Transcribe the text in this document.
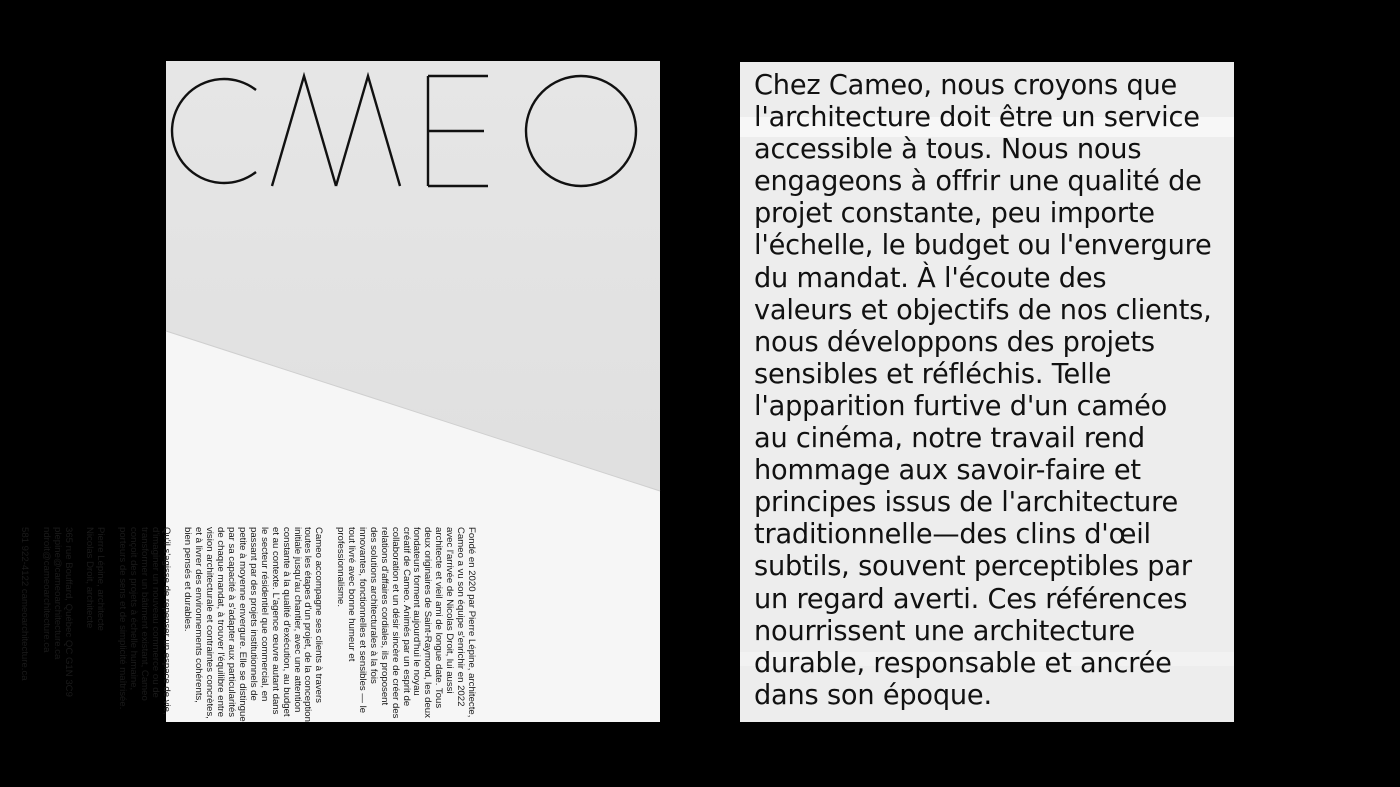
Fondé en 2020 par Pierre Lépine, architecte, Cameo a vu son équipe s'enrichir en 2022 avec l'arrivée de Nicolas Droit, lui aussi architecte et vieil ami de longue date. Tous deux originaires de Saint-Raymond, les deux fondateurs forment aujourd'hui le noyau créatif de Cameo. Animés par un esprit de collaboration et un désir sincère de créer des relations d'affaires cordiales, ils proposent des solutions architecturales à la fois innovantes, fonctionnelles et sensibles — le tout livré avec bonne humeur et professionnalisme.

Cameo accompagne ses clients à travers toutes les étapes d'un projet, de la conception initiale jusqu'au chantier, avec une attention constante à la qualité d'exécution, au budget et au contexte. L'agence œuvre autant dans le secteur résidentiel que commercial, en passant par des projets institutionnels de petite à moyenne envergure. Elle se distingue par sa capacité à s'adapter aux particularités de chaque mandat, à trouver l'équilibre entre vision architecturale et contraintes concrètes, et à livrer des environnements cohérents, bien pensés et durables.

Qu'il s'agisse de repenser un espace de vie, d'imaginer un nouveau commerce ou de transformer un bâtiment existant, Cameo conçoit des projets à échelle humaine, porteurs de sens et de simplicité maîtrisée.

Pierre Lépine, architecte
Nicolas Droit, architecte

365 rue Bouffard, Québec QC G1N 3C9
plepine@cameoarchitecture.ca
ndroit@cameoarchitecture.ca

581 922-4122 cameoarchitecture.ca

Chez Cameo, nous croyons que
l'architecture doit être un service
accessible à tous. Nous nous
engageons à offrir une qualité de
projet constante, peu importe
l'échelle, le budget ou l'envergure
du mandat. À l'écoute des
valeurs et objectifs de nos clients,
nous développons des projets
sensibles et réfléchis. Telle
l'apparition furtive d'un caméo
au cinéma, notre travail rend
hommage aux savoir-faire et
principes issus de l'architecture
traditionnelle—des clins d'œil
subtils, souvent perceptibles par
un regard averti. Ces références
nourrissent une architecture
durable, responsable et ancrée
dans son époque.
